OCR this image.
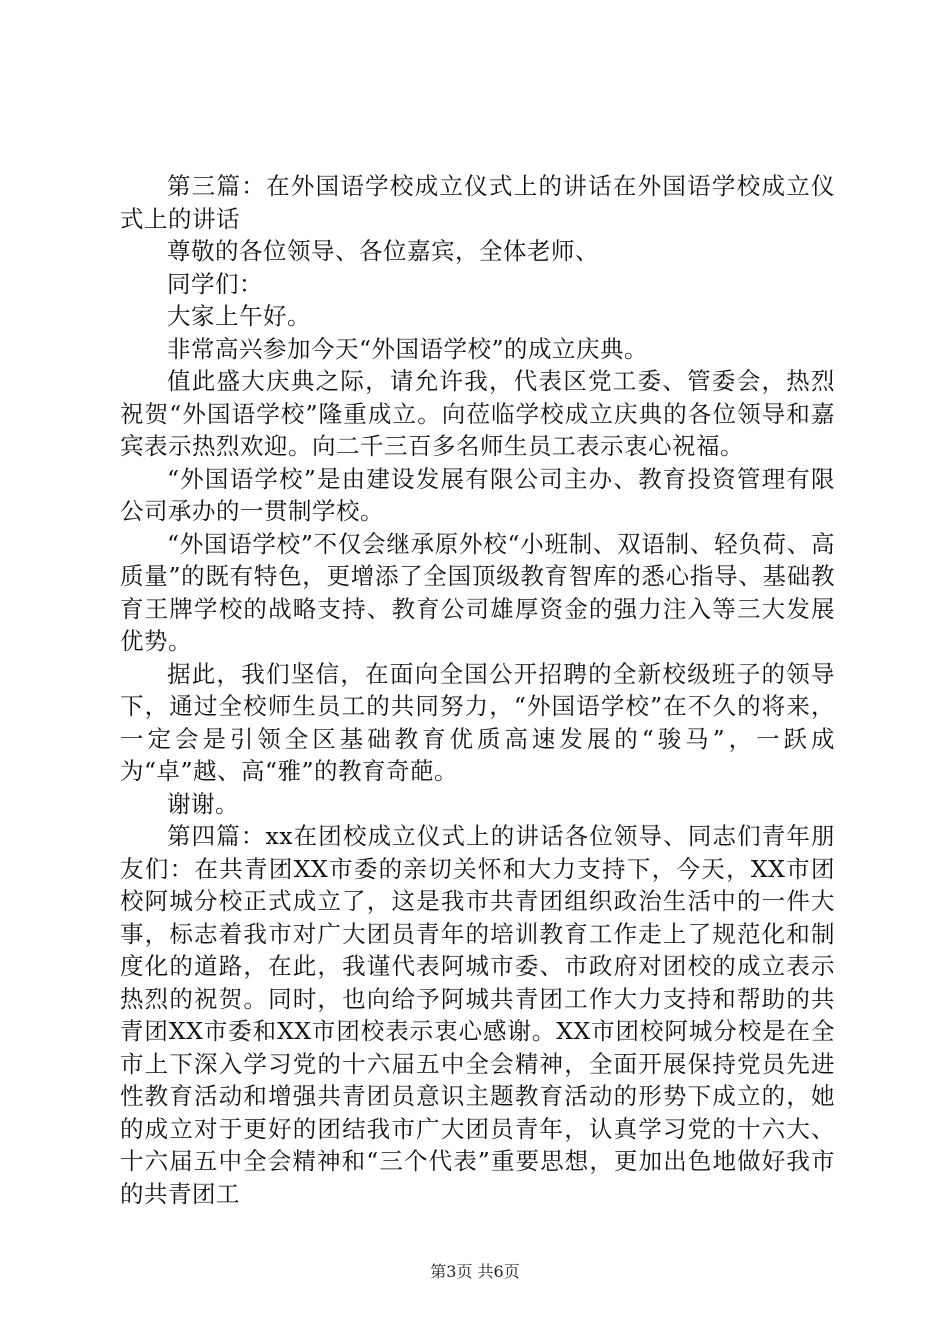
第三篇：在外国语学校成立仪式上的讲话在外国语学校成立仪式上的讲话

尊敬的各位领导、各位嘉宾，全体老师、

同学们：

大家上午好。

非常高兴参加今天“外国语学校”的成立庆典。

值此盛大庆典之际，请允许我，代表区党工委、管委会，热烈祝贺“外国语学校”隆重成立。向莅临学校成立庆典的各位领导和嘉宾表示热烈欢迎。向二千三百多名师生员工表示衷心祝福。

“外国语学校”是由建设发展有限公司主办、教育投资管理有限公司承办的一贯制学校。

“外国语学校”不仅会继承原外校“小班制、双语制、轻负荷、高质量”的既有特色，更增添了全国顶级教育智库的悉心指导、基础教育王牌学校的战略支持、教育公司雄厚资金的强力注入等三大发展优势。

据此，我们坚信，在面向全国公开招聘的全新校级班子的领导下，通过全校师生员工的共同努力，“外国语学校”在不久的将来，一定会是引领全区基础教育优质高速发展的“骏马”，一跃成为“卓”越、高“雅”的教育奇葩。

谢谢。

第四篇：xx在团校成立仪式上的讲话各位领导、同志们青年朋友们：在共青团XX市委的亲切关怀和大力支持下，今天，XX市团校阿城分校正式成立了，这是我市共青团组织政治生活中的一件大事，标志着我市对广大团员青年的培训教育工作走上了规范化和制度化的道路，在此，我谨代表阿城市委、市政府对团校的成立表示热烈的祝贺。同时，也向给予阿城共青团工作大力支持和帮助的共青团XX市委和XX市团校表示衷心感谢。XX市团校阿城分校是在全市上下深入学习党的十六届五中全会精神，全面开展保持党员先进性教育活动和增强共青团员意识主题教育活动的形势下成立的，她的成立对于更好的团结我市广大团员青年，认真学习党的十六大、十六届五中全会精神和“三个代表”重要思想，更加出色地做好我市的共青团工

第3页 共6页
